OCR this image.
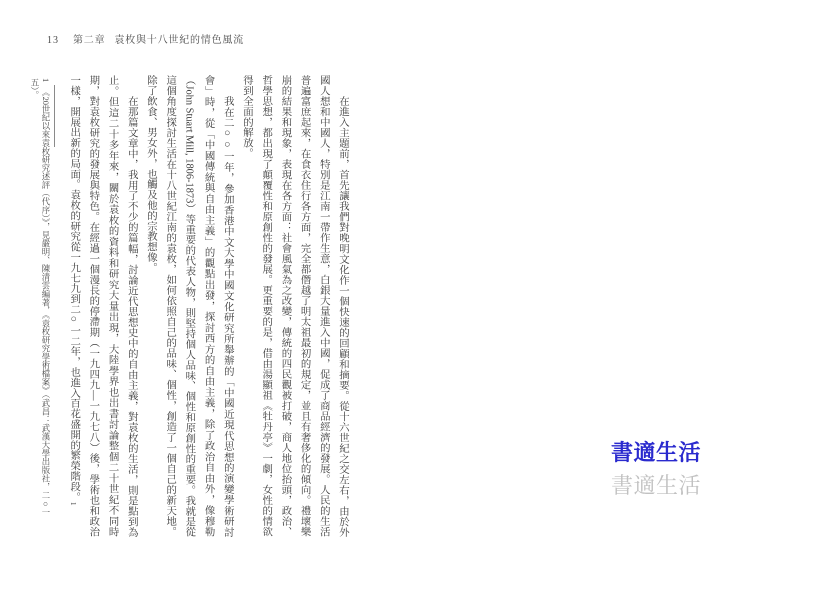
13 第二章 袁枚與十八世紀的情色風流

在進入主題前，首先讓我們對晚明文化作一個快速的回顧和摘要。從十六世紀之交左右，由於外國人想和中國人，特別是江南一帶作生意，白銀大量進入中國，促成了商品經濟的發展。人民的生活普遍富庶起來，在食衣住行各方面，完全都僭越了明太祖最初的規定，並且有奢侈化的傾向。禮壞樂崩的結果和現象，表現在各方面：社會風氣為之改變，傳統的四民觀被打破，商人地位抬頭，政治、哲學思想，都出現了顛覆性和原創性的發展。更重要的是，借由湯顯祖《牡丹亭》一劇，女性的情欲得到全面的解放。

我在二○○一年，參加香港中文大學中國文化研究所舉辦的「中國近現代思想的演變學術研討會」時，從「中國傳統與自由主義」的觀點出發，探討西方的自由主義，除了政治自由外，像穆勒（John Stuart Mill, 1806-1873）等重要的代表人物，則堅持個人品味、個性和原創性的重要。我就是從這個角度探討生活在十八世紀江南的袁枚，如何依照自己的品味、個性，創造了一個自己的新天地。除了飲食、男女外，也觸及他的宗教想像。

在那篇文章中，我用了不少的篇幅，討論近代思想史中的自由主義，對袁枚的生活，則是點到為止。但這二十多年來，關於袁枚的資料和研究大量出現，大陸學界也出書討論整個二十世紀不同時期，對袁枚研究的發展與特色。在經過一個漫長的停滯期（一九四九—一九七八）後，學術也和政治一樣，開展出新的局面。袁枚的研究從一九七九到二○一二年，也進入百花盛開的繁榮階段。1

1《20世紀以來袁枚研究述評（代序）》，見嚴明、陳清雲編著，《袁枚研究學術檔案》（武昌：武漢大學出版社，二○一五）。
書適生活
書適生活
